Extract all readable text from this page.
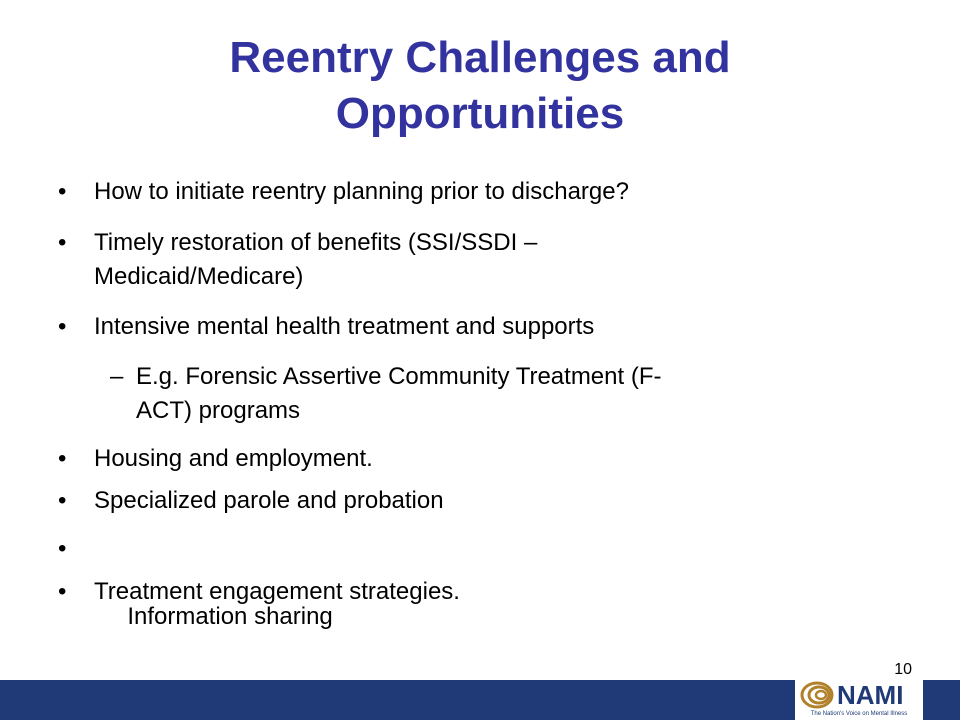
Reentry Challenges and
Opportunities
• How to initiate reentry planning prior to discharge?
• Timely restoration of benefits (SSI/SSDI –
Medicaid/Medicare)
• Intensive mental health treatment and supports
– E.g. Forensic Assertive Community Treatment (F-
ACT) programs
• Housing and employment.
• Specialized parole and probation

•

Information sharing

• Treatment engagement strategies.
10
NAMI
The Nation's Voice on Mental Illness
